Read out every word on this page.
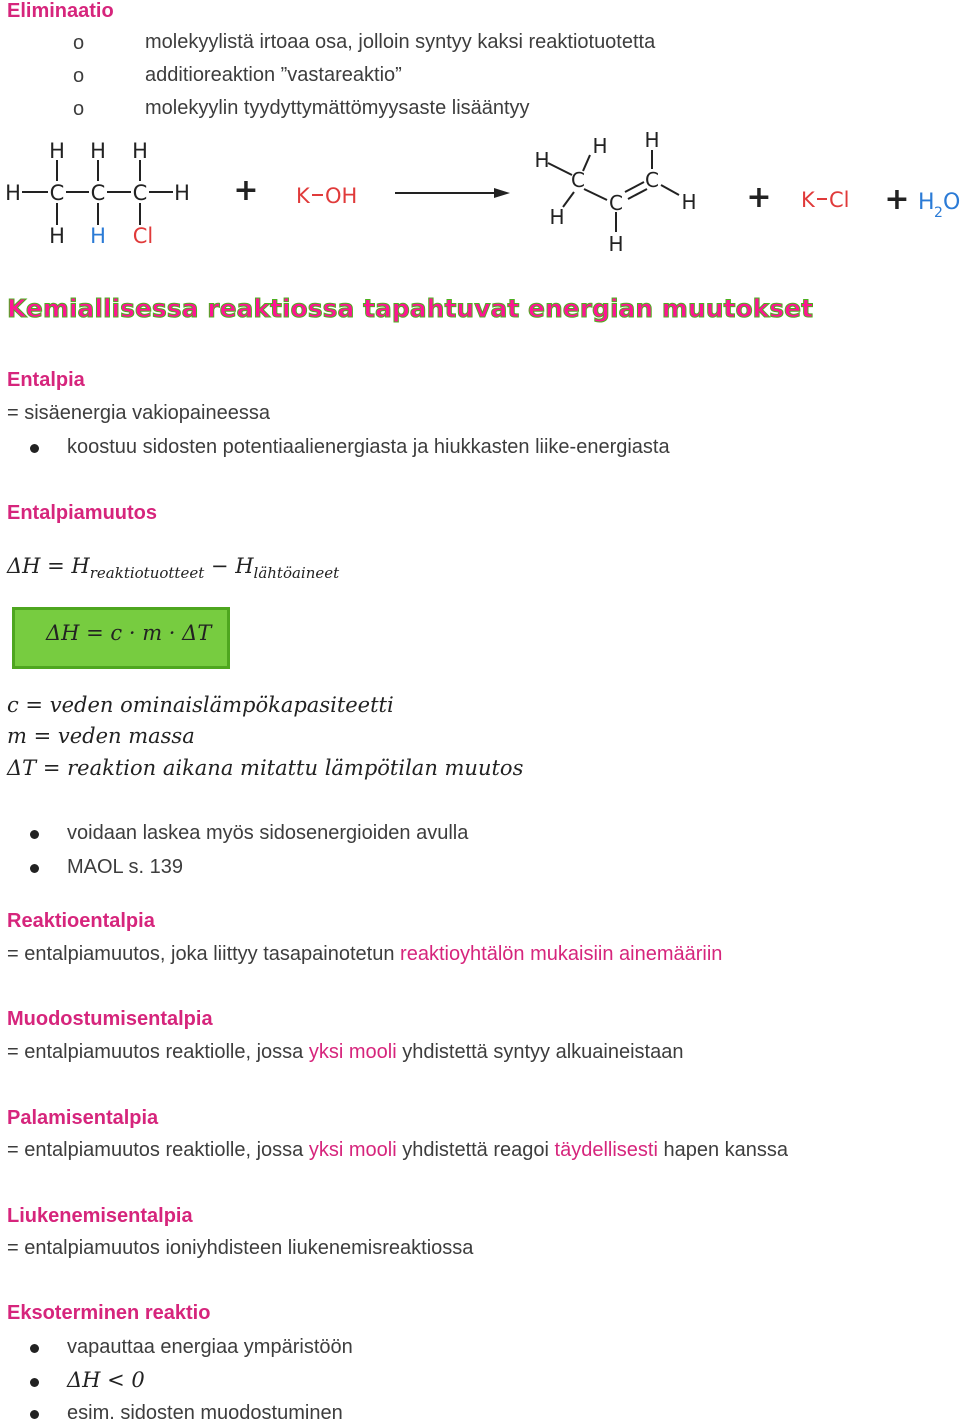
Eliminaatio
o	molekyylistä irtoaa osa, jolloin syntyy kaksi reaktiotuotetta
o	additioreaktion ”vastareaktio”
o	molekyylin tyydyttymättömyysaste lisääntyy
H
H H H
C C C H
H H Cl
+ K OH
H
H H
C
C
C
H
H
H
+ K Cl + H 2 O
Kemiallisessa reaktiossa tapahtuvat energian muutokset
Entalpia
= sisäenergia vakiopaineessa
koostuu sidosten potentiaalienergiasta ja hiukkasten liike-energiasta
Entalpiamuutos
$\Delta H = H_{reaktiotuotteet} - H_{lähtöaineet}$
ΔH = c · m · ΔT
c = veden ominaislämpökapasiteetti
m = veden massa
ΔT = reaktion aikana mitattu lämpötilan muutos
voidaan laskea myös sidosenergioiden avulla
MAOL s. 139
Reaktioentalpia
= entalpiamuutos, joka liittyy tasapainotetun reaktioyhtälön mukaisiin ainemääriin
Muodostumisentalpia
= entalpiamuutos reaktiolle, jossa yksi mooli yhdistettä syntyy alkuaineistaan
Palamisentalpia
= entalpiamuutos reaktiolle, jossa yksi mooli yhdistettä reagoi täydellisesti hapen kanssa
Liukenemisentalpia
= entalpiamuutos ioniyhdisteen liukenemisreaktiossa
Eksoterminen reaktio
vapauttaa energiaa ympäristöön
ΔH < 0
esim. sidosten muodostuminen
